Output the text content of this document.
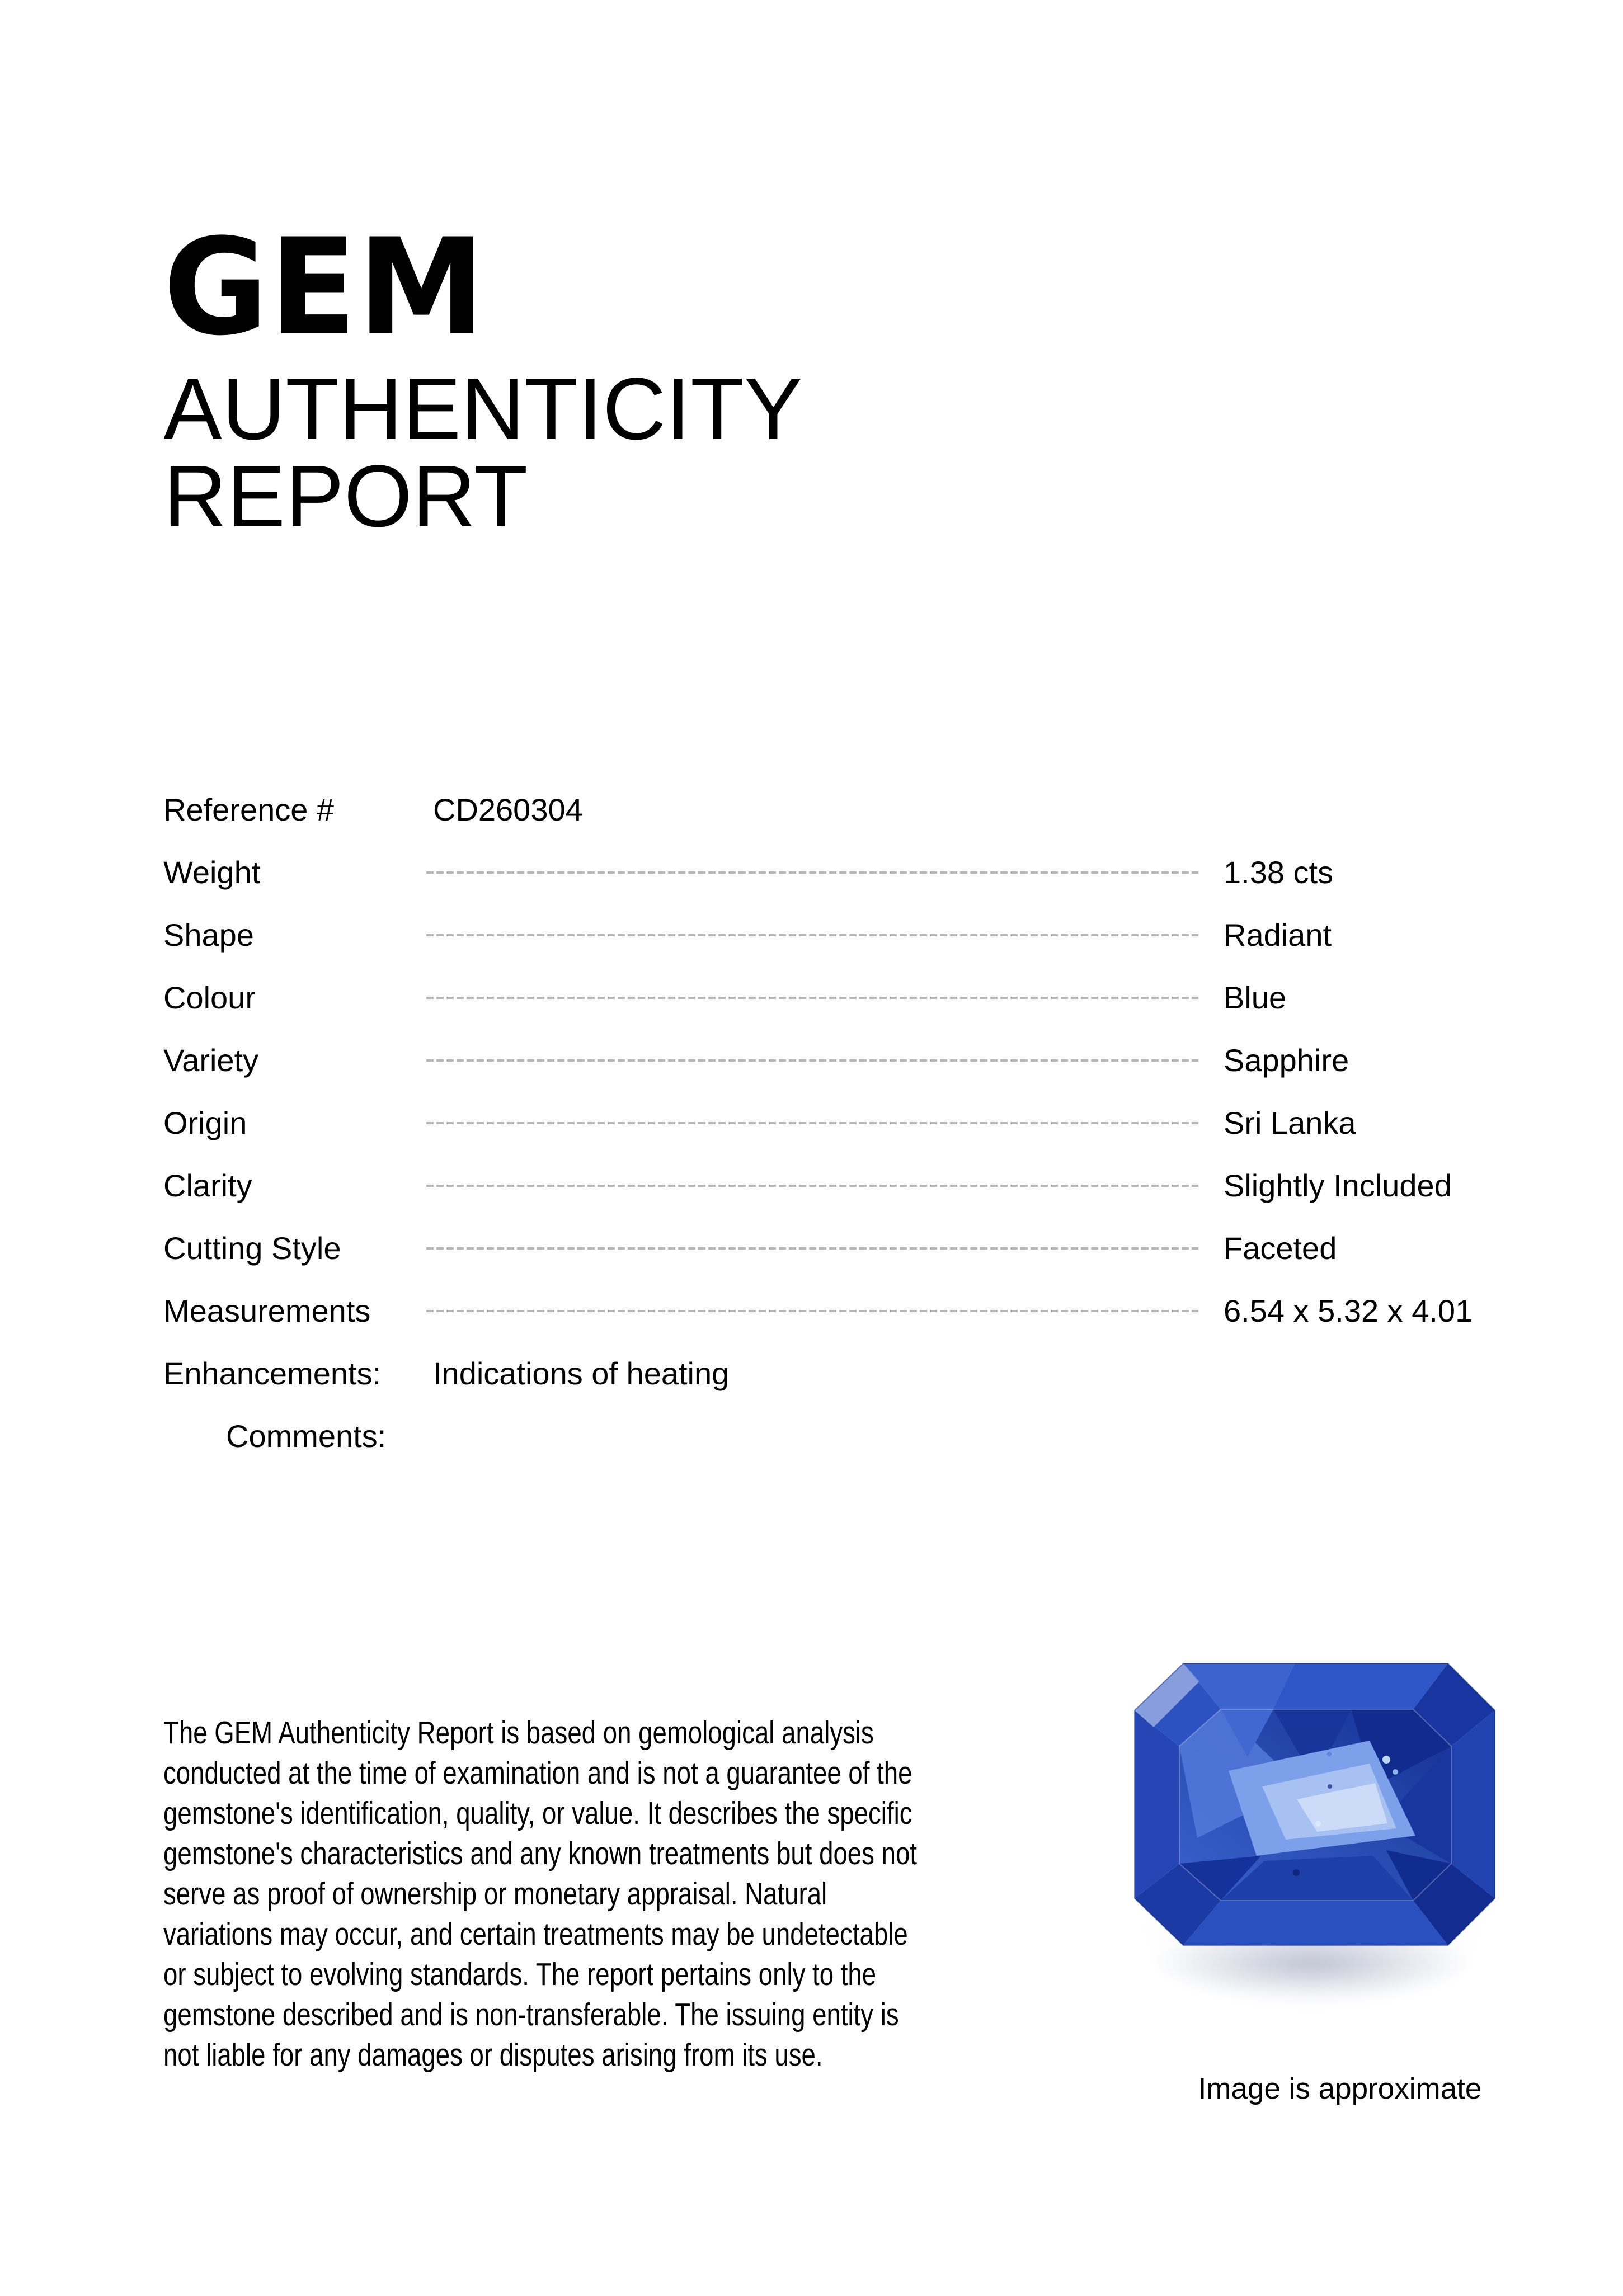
GEM
AUTHENTICITY
REPORT
Reference #	CD260304
Weight	1.38 cts
Shape	Radiant
Colour	Blue
Variety	Sapphire
Origin	Sri Lanka
Clarity	Slightly Included
Cutting Style	Faceted
Measurements	6.54 x 5.32 x 4.01
Enhancements:	Indications of heating
Comments:
The GEM Authenticity Report is based on gemological analysis
conducted at the time of examination and is not a guarantee of the
gemstone's identification, quality, or value. It describes the specific
gemstone's characteristics and any known treatments but does not
serve as proof of ownership or monetary appraisal. Natural
variations may occur, and certain treatments may be undetectable
or subject to evolving standards. The report pertains only to the
gemstone described and is non-transferable. The issuing entity is
not liable for any damages or disputes arising from its use.
Image is approximate
